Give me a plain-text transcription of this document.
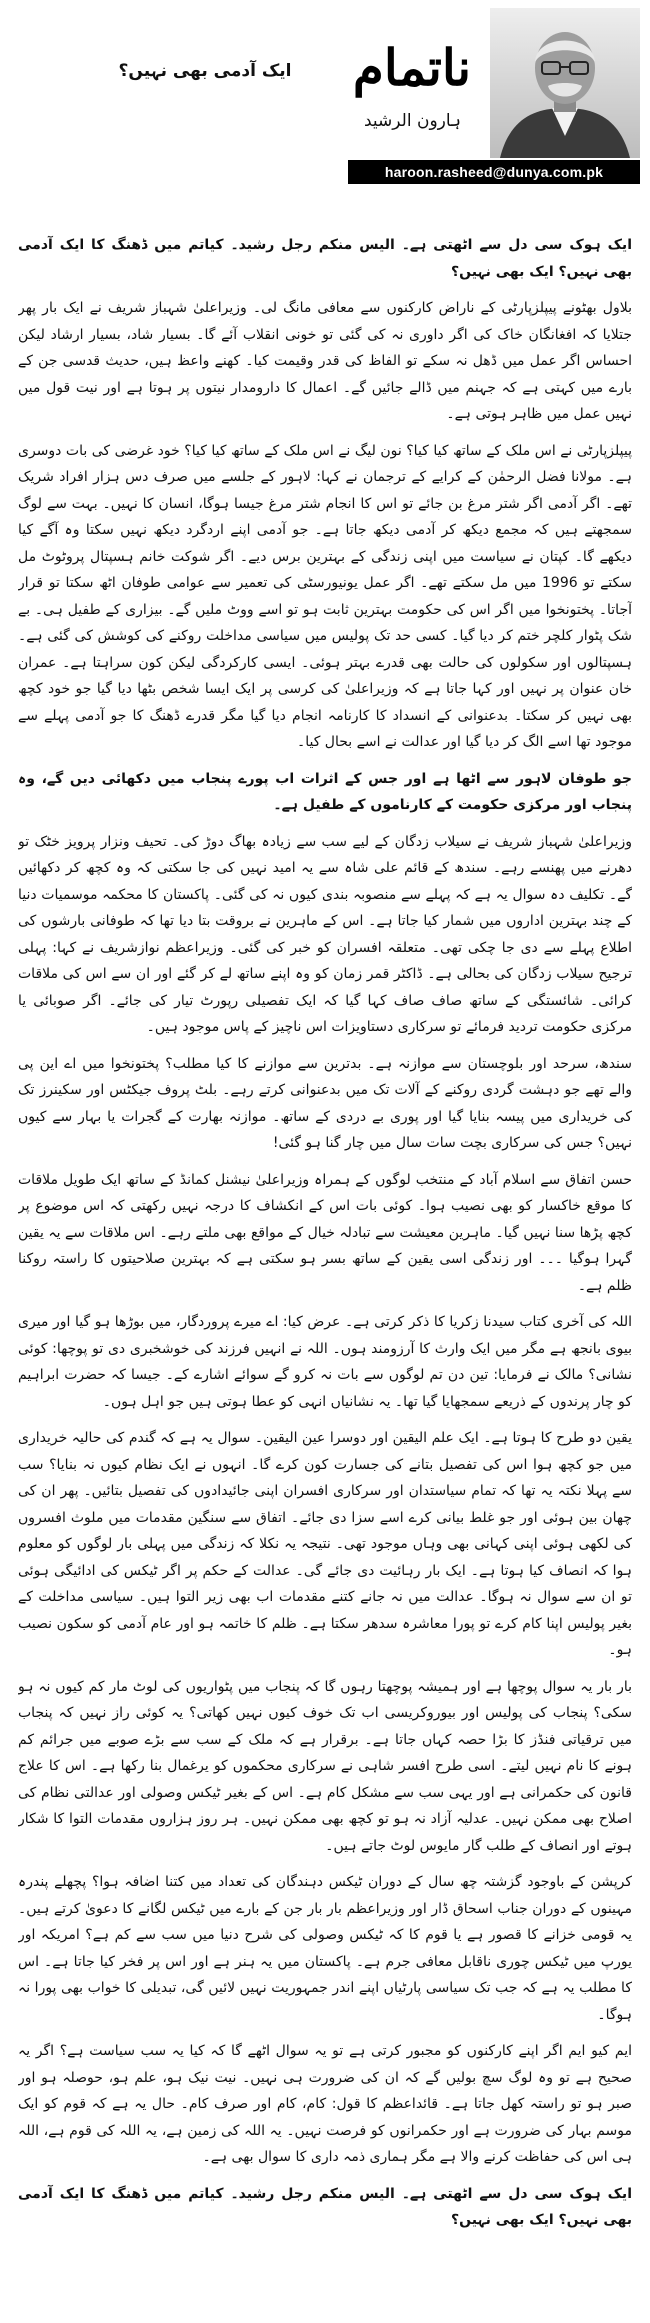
ناتمام
ہارون الرشید
haroon.rasheed@dunya.com.pk
ایک آدمی بھی نہیں؟

ایک ہوک سی دل سے اٹھتی ہے۔ الیس منکم رجل رشید۔ کیاتم میں ڈھنگ کا ایک آدمی بھی نہیں؟ ایک بھی نہیں؟

بلاول بھٹونے پیپلزپارٹی کے ناراض کارکنوں سے معافی مانگ لی۔ وزیراعلیٰ شہباز شریف نے ایک بار پھر جتلایا کہ افغانگان خاک کی اگر داوری نہ کی گئی تو خونی انقلاب آئے گا۔ بسیار شاد، بسیار ارشاد لیکن احساس اگر عمل میں ڈھل نہ سکے تو الفاظ کی قدر وقیمت کیا۔ کھنے واعظ ہیں، حدیث قدسی جن کے بارے میں کہتی ہے کہ جہنم میں ڈالے جائیں گے۔ اعمال کا دارومدار نیتوں پر ہوتا ہے اور نیت قول میں نہیں عمل میں ظاہر ہوتی ہے۔

پیپلزپارٹی نے اس ملک کے ساتھ کیا کیا؟ نون لیگ نے اس ملک کے ساتھ کیا کیا؟ خود غرضی کی بات دوسری ہے۔ مولانا فضل الرحمٰن کے کرایے کے ترجمان نے کہا: لاہور کے جلسے میں صرف دس ہزار افراد شریک تھے۔ اگر آدمی اگر شتر مرغ بن جائے تو اس کا انجام شتر مرغ جیسا ہوگا، انسان کا نہیں۔ بہت سے لوگ سمجھتے ہیں کہ مجمع دیکھ کر آدمی دیکھ جاتا ہے۔ جو آدمی اپنے اردگرد دیکھ نہیں سکتا وہ آگے کیا دیکھے گا۔ کپتان نے سیاست میں اپنی زندگی کے بہترین برس دیے۔ اگر شوکت خانم ہسپتال پروٹوٹ مل سکتے تو 1996 میں مل سکتے تھے۔ اگر عمل یونیورسٹی کی تعمیر سے عوامی طوفان اٹھ سکتا تو قرار آجاتا۔ پختونخوا میں اگر اس کی حکومت بہترین ثابت ہو تو اسے ووٹ ملیں گے۔ بیزاری کے طفیل ہی۔ بے شک پٹوار کلچر ختم کر دیا گیا۔ کسی حد تک پولیس میں سیاسی مداخلت روکنے کی کوشش کی گئی ہے۔ ہسپتالوں اور سکولوں کی حالت بھی قدرے بہتر ہوئی۔ ایسی کارکردگی لیکن کون سراہتا ہے۔ عمران خان عنوان پر نہیں اور کہا جاتا ہے کہ وزیراعلیٰ کی کرسی پر ایک ایسا شخص بٹھا دیا گیا جو خود کچھ بھی نہیں کر سکتا۔ بدعنوانی کے انسداد کا کارنامہ انجام دیا گیا مگر قدرے ڈھنگ کا جو آدمی پہلے سے موجود تھا اسے الگ کر دیا گیا اور عدالت نے اسے بحال کیا۔

جو طوفان لاہور سے اٹھا ہے اور جس کے اثرات اب پورے پنجاب میں دکھائی دیں گے، وہ پنجاب اور مرکزی حکومت کے کارناموں کے طفیل ہے۔

وزیراعلیٰ شہباز شریف نے سیلاب زدگان کے لیے سب سے زیادہ بھاگ دوڑ کی۔ تحیف ونزار پرویز خٹک تو دھرنے میں پھنسے رہے۔ سندھ کے قائم علی شاہ سے یہ امید نہیں کی جا سکتی کہ وہ کچھ کر دکھائیں گے۔ تکلیف دہ سوال یہ ہے کہ پہلے سے منصوبہ بندی کیوں نہ کی گئی۔ پاکستان کا محکمہ موسمیات دنیا کے چند بہترین اداروں میں شمار کیا جاتا ہے۔ اس کے ماہرین نے بروقت بتا دیا تھا کہ طوفانی بارشوں کی اطلاع پہلے سے دی جا چکی تھی۔ متعلقہ افسران کو خبر کی گئی۔ وزیراعظم نوازشریف نے کہا: پہلی ترجیح سیلاب زدگان کی بحالی ہے۔ ڈاکٹر قمر زمان کو وہ اپنے ساتھ لے کر گئے اور ان سے اس کی ملاقات کرائی۔ شائستگی کے ساتھ صاف صاف کہا گیا کہ ایک تفصیلی رپورٹ تیار کی جائے۔ اگر صوبائی یا مرکزی حکومت تردید فرمائے تو سرکاری دستاویزات اس ناچیز کے پاس موجود ہیں۔

سندھ، سرحد اور بلوچستان سے موازنہ ہے۔ بدترین سے موازنے کا کیا مطلب؟ پختونخوا میں اے این پی والے تھے جو دہشت گردی روکنے کے آلات تک میں بدعنوانی کرتے رہے۔ بلٹ پروف جیکٹس اور سکینرز تک کی خریداری میں پیسہ بنایا گیا اور پوری بے دردی کے ساتھ۔ موازنہ بھارت کے گجرات یا بہار سے کیوں نہیں؟ جس کی سرکاری بچت سات سال میں چار گنا ہو گئی!

حسن اتفاق سے اسلام آباد کے منتخب لوگوں کے ہمراہ وزیراعلیٰ نیشنل کمانڈ کے ساتھ ایک طویل ملاقات کا موقع خاکسار کو بھی نصیب ہوا۔ کوئی بات اس کے انکشاف کا درجہ نہیں رکھتی کہ اس موضوع پر کچھ پڑھا سنا نہیں گیا۔ ماہرین معیشت سے تبادلہ خیال کے مواقع بھی ملتے رہے۔ اس ملاقات سے یہ یقین گہرا ہوگیا ۔۔۔ اور زندگی اسی یقین کے ساتھ بسر ہو سکتی ہے کہ بہترین صلاحیتوں کا راستہ روکنا ظلم ہے۔

اللہ کی آخری کتاب سیدنا زکریا کا ذکر کرتی ہے۔ عرض کیا: اے میرے پروردگار، میں بوڑھا ہو گیا اور میری بیوی بانجھ ہے مگر میں ایک وارث کا آرزومند ہوں۔ اللہ نے انہیں فرزند کی خوشخبری دی تو پوچھا: کوئی نشانی؟ مالک نے فرمایا: تین دن تم لوگوں سے بات نہ کرو گے سوائے اشارے کے۔ جیسا کہ حضرت ابراہیم کو چار پرندوں کے ذریعے سمجھایا گیا تھا۔ یہ نشانیاں انہی کو عطا ہوتی ہیں جو اہل ہوں۔

یقین دو طرح کا ہوتا ہے۔ ایک علم الیقین اور دوسرا عین الیقین۔ سوال یہ ہے کہ گندم کی حالیہ خریداری میں جو کچھ ہوا اس کی تفصیل بتانے کی جسارت کون کرے گا۔ انہوں نے ایک نظام کیوں نہ بنایا؟ سب سے پہلا نکتہ یہ تھا کہ تمام سیاستدان اور سرکاری افسران اپنی جائیدادوں کی تفصیل بتائیں۔ پھر ان کی چھان بین ہوئی اور جو غلط بیانی کرے اسے سزا دی جائے۔ اتفاق سے سنگین مقدمات میں ملوث افسروں کی لکھی ہوئی اپنی کہانی بھی وہاں موجود تھی۔ نتیجہ یہ نکلا کہ زندگی میں پہلی بار لوگوں کو معلوم ہوا کہ انصاف کیا ہوتا ہے۔ ایک بار رہائیت دی جائے گی۔ عدالت کے حکم پر اگر ٹیکس کی ادائیگی ہوئی تو ان سے سوال نہ ہوگا۔ عدالت میں نہ جانے کتنے مقدمات اب بھی زیر التوا ہیں۔ سیاسی مداخلت کے بغیر پولیس اپنا کام کرے تو پورا معاشرہ سدھر سکتا ہے۔ ظلم کا خاتمہ ہو اور عام آدمی کو سکون نصیب ہو۔

بار بار یہ سوال پوچھا ہے اور ہمیشہ پوچھتا رہوں گا کہ پنجاب میں پٹواریوں کی لوٹ مار کم کیوں نہ ہو سکی؟ پنجاب کی پولیس اور بیوروکریسی اب تک خوف کیوں نہیں کھاتی؟ یہ کوئی راز نہیں کہ پنجاب میں ترقیاتی فنڈز کا بڑا حصہ کہاں جاتا ہے۔ برقرار ہے کہ ملک کے سب سے بڑے صوبے میں جرائم کم ہونے کا نام نہیں لیتے۔ اسی طرح افسر شاہی نے سرکاری محکموں کو یرغمال بنا رکھا ہے۔ اس کا علاج قانون کی حکمرانی ہے اور یہی سب سے مشکل کام ہے۔ اس کے بغیر ٹیکس وصولی اور عدالتی نظام کی اصلاح بھی ممکن نہیں۔ عدلیہ آزاد نہ ہو تو کچھ بھی ممکن نہیں۔ ہر روز ہزاروں مقدمات التوا کا شکار ہوتے اور انصاف کے طلب گار مایوس لوٹ جاتے ہیں۔

کرپشن کے باوجود گزشتہ چھ سال کے دوران ٹیکس دہندگان کی تعداد میں کتنا اضافہ ہوا؟ پچھلے پندرہ مہینوں کے دوران جناب اسحاق ڈار اور وزیراعظم بار بار جن کے بارے میں ٹیکس لگانے کا دعویٰ کرتے ہیں۔ یہ قومی خزانے کا قصور ہے یا قوم کا کہ ٹیکس وصولی کی شرح دنیا میں سب سے کم ہے؟ امریکہ اور یورپ میں ٹیکس چوری ناقابل معافی جرم ہے۔ پاکستان میں یہ ہنر ہے اور اس پر فخر کیا جاتا ہے۔ اس کا مطلب یہ ہے کہ جب تک سیاسی پارٹیاں اپنے اندر جمہوریت نہیں لائیں گی، تبدیلی کا خواب بھی پورا نہ ہوگا۔

ایم کیو ایم اگر اپنے کارکنوں کو مجبور کرتی ہے تو یہ سوال اٹھے گا کہ کیا یہ سب سیاست ہے؟ اگر یہ صحیح ہے تو وہ لوگ سچ بولیں گے کہ ان کی ضرورت ہی نہیں۔ نیت نیک ہو، علم ہو، حوصلہ ہو اور صبر ہو تو راستہ کھل جاتا ہے۔ قائداعظم کا قول: کام، کام اور صرف کام۔ حال یہ ہے کہ قوم کو ایک موسم بہار کی ضرورت ہے اور حکمرانوں کو فرصت نہیں۔ یہ اللہ کی زمین ہے، یہ اللہ کی قوم ہے، اللہ ہی اس کی حفاظت کرنے والا ہے مگر ہماری ذمہ داری کا سوال بھی ہے۔

ایک ہوک سی دل سے اٹھتی ہے۔ الیس منکم رجل رشید۔ کیاتم میں ڈھنگ کا ایک آدمی بھی نہیں؟ ایک بھی نہیں؟
